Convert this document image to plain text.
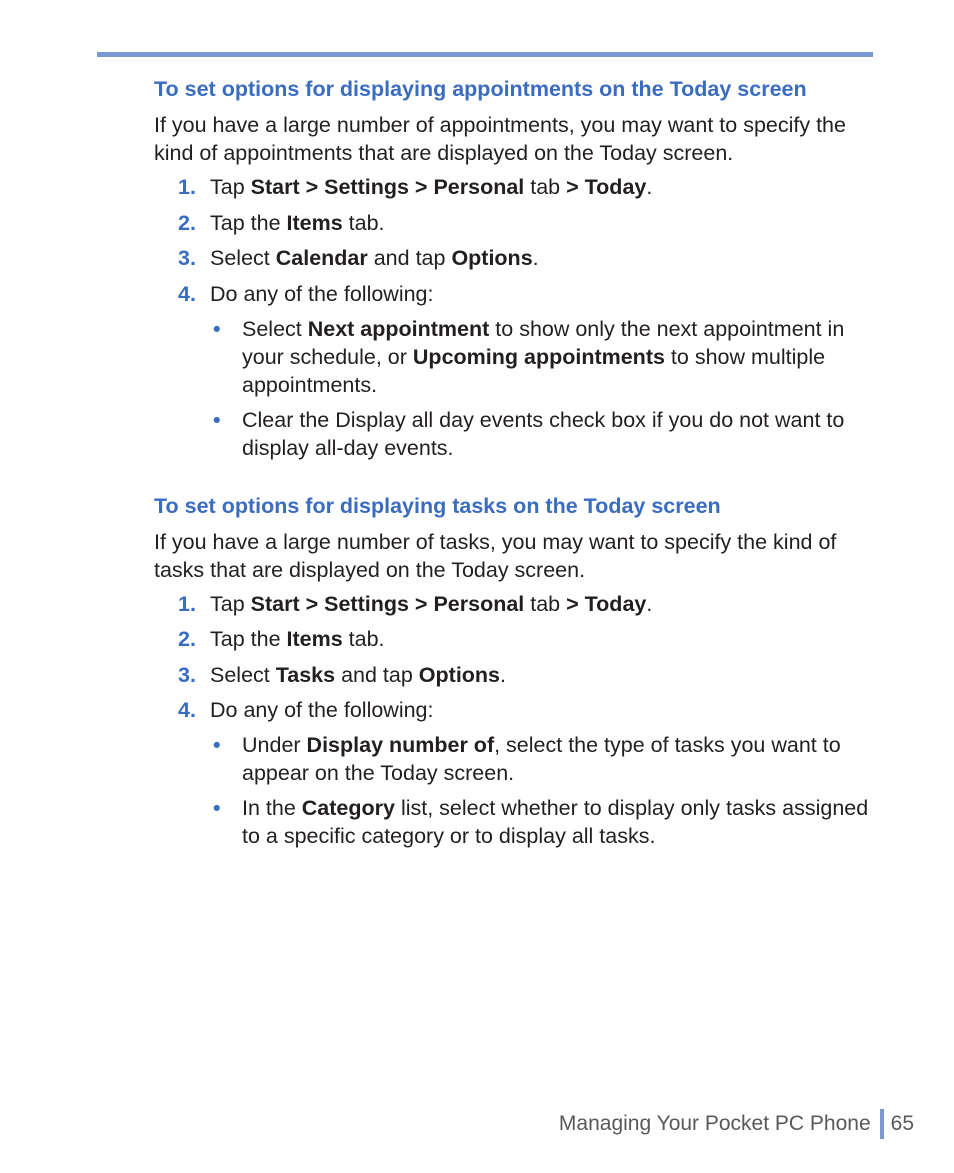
To set options for displaying appointments on the Today screen
If you have a large number of appointments, you may want to specify the kind of appointments that are displayed on the Today screen.
1. Tap Start > Settings > Personal tab > Today.
2. Tap the Items tab.
3. Select Calendar and tap Options.
4. Do any of the following:
• Select Next appointment to show only the next appointment in your schedule, or Upcoming appointments to show multiple appointments.
• Clear the Display all day events check box if you do not want to display all-day events.
To set options for displaying tasks on the Today screen
If you have a large number of tasks, you may want to specify the kind of tasks that are displayed on the Today screen.
1. Tap Start > Settings > Personal tab > Today.
2. Tap the Items tab.
3. Select Tasks and tap Options.
4. Do any of the following:
• Under Display number of, select the type of tasks you want to appear on the Today screen.
• In the Category list, select whether to display only tasks assigned to a specific category or to display all tasks.
Managing Your Pocket PC Phone 65
